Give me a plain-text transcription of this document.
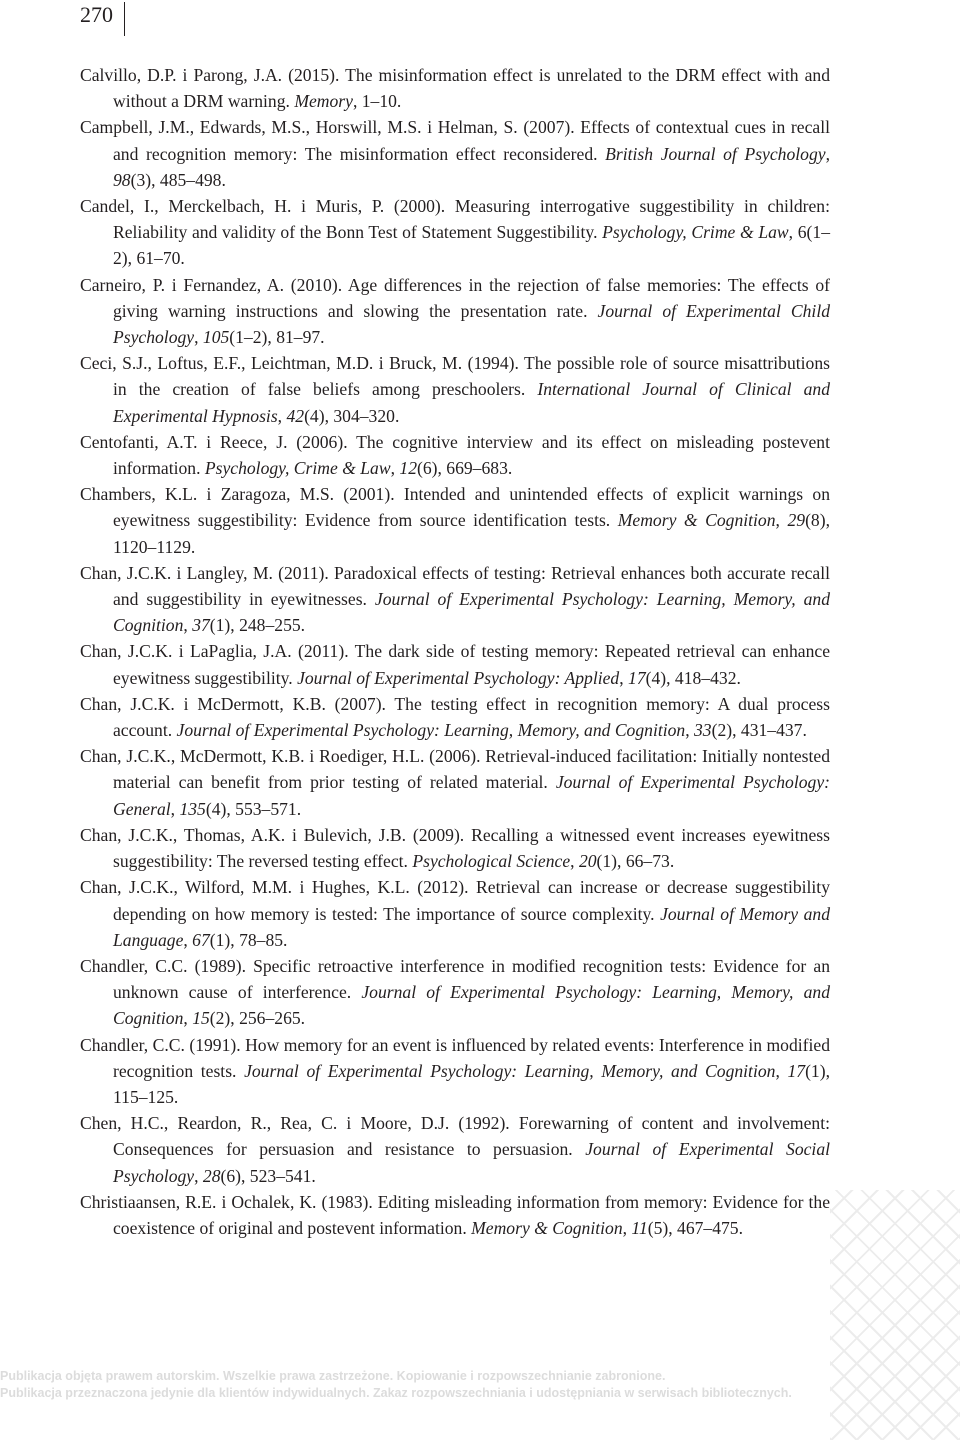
270
Calvillo, D.P. i Parong, J.A. (2015). The misinformation effect is unrelated to the DRM effect with and without a DRM warning. Memory, 1–10.
Campbell, J.M., Edwards, M.S., Horswill, M.S. i Helman, S. (2007). Effects of contextual cues in recall and recognition memory: The misinformation effect reconsidered. British Journal of Psychology, 98(3), 485–498.
Candel, I., Merckelbach, H. i Muris, P. (2000). Measuring interrogative suggestibility in children: Reliability and validity of the Bonn Test of Statement Suggestibility. Psychology, Crime & Law, 6(1–2), 61–70.
Carneiro, P. i Fernandez, A. (2010). Age differences in the rejection of false memories: The effects of giving warning instructions and slowing the presentation rate. Journal of Experimental Child Psychology, 105(1–2), 81–97.
Ceci, S.J., Loftus, E.F., Leichtman, M.D. i Bruck, M. (1994). The possible role of source misattributions in the creation of false beliefs among preschoolers. International Journal of Clinical and Experimental Hypnosis, 42(4), 304–320.
Centofanti, A.T. i Reece, J. (2006). The cognitive interview and its effect on misleading postevent information. Psychology, Crime & Law, 12(6), 669–683.
Chambers, K.L. i Zaragoza, M.S. (2001). Intended and unintended effects of explicit warnings on eyewitness suggestibility: Evidence from source identification tests. Memory & Cognition, 29(8), 1120–1129.
Chan, J.C.K. i Langley, M. (2011). Paradoxical effects of testing: Retrieval enhances both accurate recall and suggestibility in eyewitnesses. Journal of Experimental Psychology: Learning, Memory, and Cognition, 37(1), 248–255.
Chan, J.C.K. i LaPaglia, J.A. (2011). The dark side of testing memory: Repeated retrieval can enhance eyewitness suggestibility. Journal of Experimental Psychology: Applied, 17(4), 418–432.
Chan, J.C.K. i McDermott, K.B. (2007). The testing effect in recognition memory: A dual process account. Journal of Experimental Psychology: Learning, Memory, and Cognition, 33(2), 431–437.
Chan, J.C.K., McDermott, K.B. i Roediger, H.L. (2006). Retrieval-induced facilitation: Initially nontested material can benefit from prior testing of related material. Journal of Experimental Psychology: General, 135(4), 553–571.
Chan, J.C.K., Thomas, A.K. i Bulevich, J.B. (2009). Recalling a witnessed event increases eyewitness suggestibility: The reversed testing effect. Psychological Science, 20(1), 66–73.
Chan, J.C.K., Wilford, M.M. i Hughes, K.L. (2012). Retrieval can increase or decrease suggestibility depending on how memory is tested: The importance of source complexity. Journal of Memory and Language, 67(1), 78–85.
Chandler, C.C. (1989). Specific retroactive interference in modified recognition tests: Evidence for an unknown cause of interference. Journal of Experimental Psychology: Learning, Memory, and Cognition, 15(2), 256–265.
Chandler, C.C. (1991). How memory for an event is influenced by related events: Interference in modified recognition tests. Journal of Experimental Psychology: Learning, Memory, and Cognition, 17(1), 115–125.
Chen, H.C., Reardon, R., Rea, C. i Moore, D.J. (1992). Forewarning of content and involvement: Consequences for persuasion and resistance to persuasion. Journal of Experimental Social Psychology, 28(6), 523–541.
Christiaansen, R.E. i Ochalek, K. (1983). Editing misleading information from memory: Evidence for the coexistence of original and postevent information. Memory & Cognition, 11(5), 467–475.
Publikacja objęta prawem autorskim. Wszelkie prawa zastrzeżone. Kopiowanie i rozpowszechnianie zabronione.
Publikacja przeznaczona jedynie dla klientów indywidualnych. Zakaz rozpowszechniania i udostępniania w serwisach bibliotecznych.
